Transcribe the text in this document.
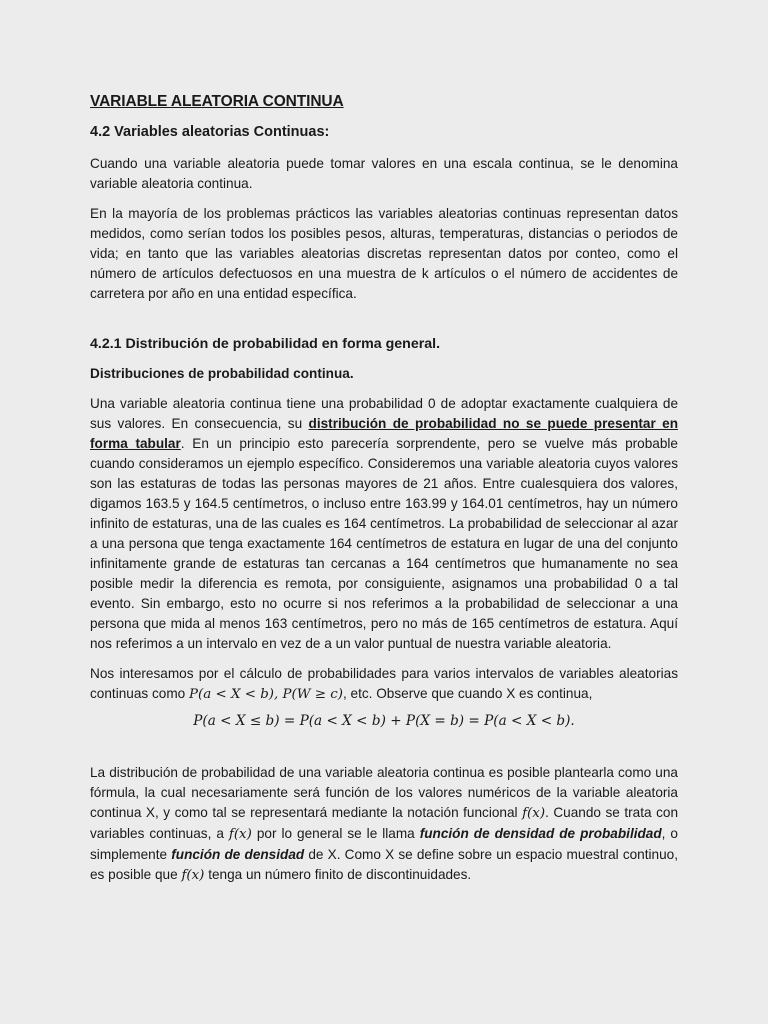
VARIABLE ALEATORIA CONTINUA
4.2 Variables aleatorias Continuas:

Cuando una variable aleatoria puede tomar valores en una escala continua, se le denomina variable aleatoria continua.

En la mayoría de los problemas prácticos las variables aleatorias continuas representan datos medidos, como serían todos los posibles pesos, alturas, temperaturas, distancias o periodos de vida; en tanto que las variables aleatorias discretas representan datos por conteo, como el número de artículos defectuosos en una muestra de k artículos o el número de accidentes de carretera por año en una entidad específica.

4.2.1 Distribución de probabilidad en forma general.
Distribuciones de probabilidad continua.

Una variable aleatoria continua tiene una probabilidad 0 de adoptar exactamente cualquiera de sus valores. En consecuencia, su distribución de probabilidad no se puede presentar en forma tabular. En un principio esto parecería sorprendente, pero se vuelve más probable cuando consideramos un ejemplo específico. Consideremos una variable aleatoria cuyos valores son las estaturas de todas las personas mayores de 21 años. Entre cualesquiera dos valores, digamos 163.5 y 164.5 centímetros, o incluso entre 163.99 y 164.01 centímetros, hay un número infinito de estaturas, una de las cuales es 164 centímetros. La probabilidad de seleccionar al azar a una persona que tenga exactamente 164 centímetros de estatura en lugar de una del conjunto infinitamente grande de estaturas tan cercanas a 164 centímetros que humanamente no sea posible medir la diferencia es remota, por consiguiente, asignamos una probabilidad 0 a tal evento. Sin embargo, esto no ocurre si nos referimos a la probabilidad de seleccionar a una persona que mida al menos 163 centímetros, pero no más de 165 centímetros de estatura. Aquí nos referimos a un intervalo en vez de a un valor puntual de nuestra variable aleatoria.

Nos interesamos por el cálculo de probabilidades para varios intervalos de variables aleatorias continuas como P(a < X < b), P(W ≥ c), etc. Observe que cuando X es continua,

P(a < X ≤ b) = P(a < X < b) + P(X = b) = P(a < X < b).

La distribución de probabilidad de una variable aleatoria continua es posible plantearla como una fórmula, la cual necesariamente será función de los valores numéricos de la variable aleatoria continua X, y como tal se representará mediante la notación funcional f(x). Cuando se trata con variables continuas, a f(x) por lo general se le llama función de densidad de probabilidad, o simplemente función de densidad de X. Como X se define sobre un espacio muestral continuo, es posible que f(x) tenga un número finito de discontinuidades.
